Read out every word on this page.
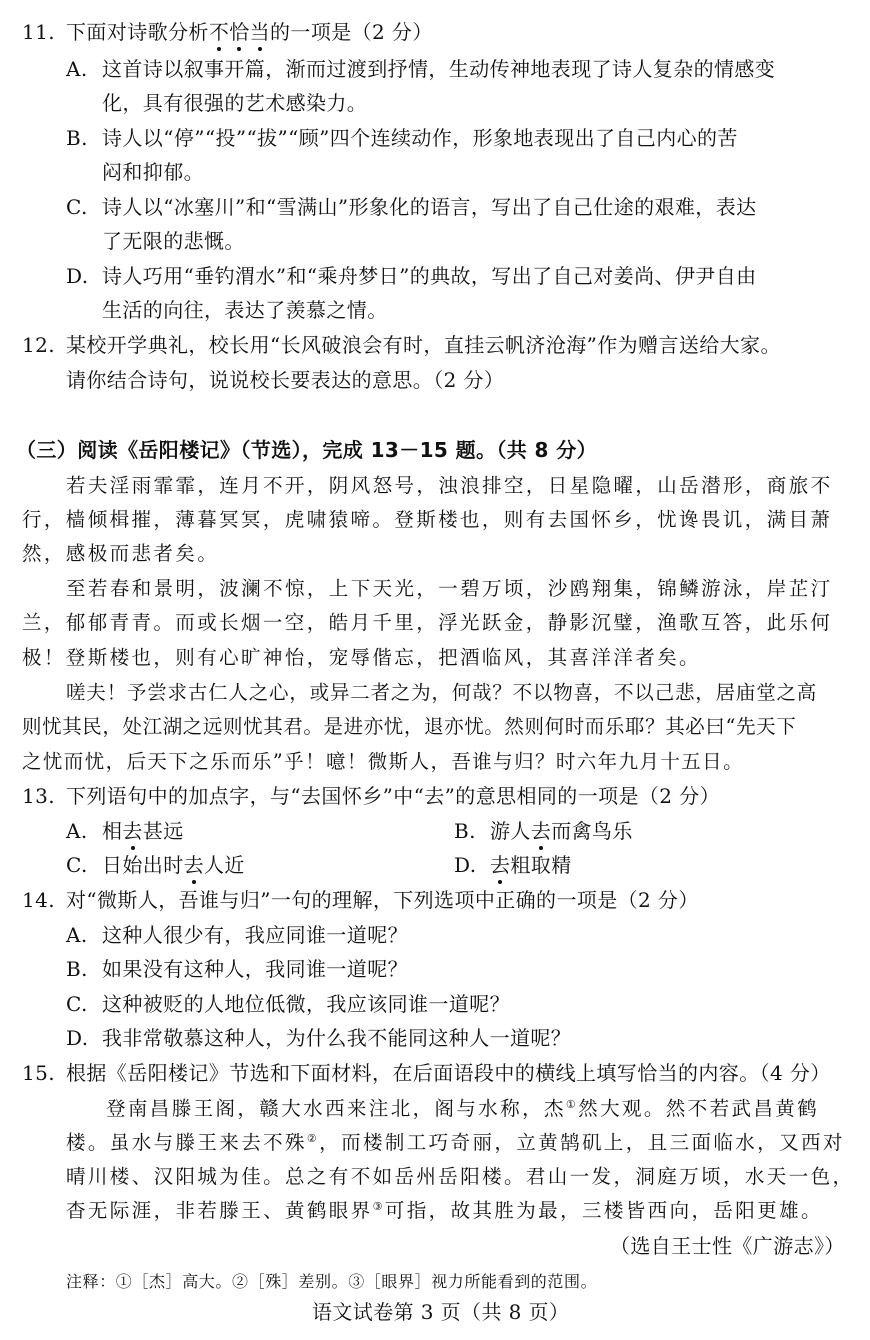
11. 下面对诗歌分析不恰当的一项是（2 分）
A. 这首诗以叙事开篇，渐而过渡到抒情，生动传神地表现了诗人复杂的情感变
化，具有很强的艺术感染力。
B. 诗人以“停”“投”“拔”“顾”四个连续动作，形象地表现出了自己内心的苦
闷和抑郁。
C. 诗人以“冰塞川”和“雪满山”形象化的语言，写出了自己仕途的艰难，表达
了无限的悲慨。
D. 诗人巧用“垂钓渭水”和“乘舟梦日”的典故，写出了自己对姜尚、伊尹自由
生活的向往，表达了羡慕之情。
12. 某校开学典礼，校长用“长风破浪会有时，直挂云帆济沧海”作为赠言送给大家。
请你结合诗句，说说校长要表达的意思。（2 分）
（三）阅读《岳阳楼记》（节选），完成 13－15 题。（共 8 分）
若夫淫雨霏霏，连月不开，阴风怒号，浊浪排空，日星隐曜，山岳潜形，商旅不
行，樯倾楫摧，薄暮冥冥，虎啸猿啼。登斯楼也，则有去国怀乡，忧谗畏讥，满目萧
然，感极而悲者矣。
至若春和景明，波澜不惊，上下天光，一碧万顷，沙鸥翔集，锦鳞游泳，岸芷汀
兰，郁郁青青。而或长烟一空，皓月千里，浮光跃金，静影沉璧，渔歌互答，此乐何
极！登斯楼也，则有心旷神怡，宠辱偕忘，把酒临风，其喜洋洋者矣。
嗟夫！予尝求古仁人之心，或异二者之为，何哉？不以物喜，不以己悲，居庙堂之高
则忧其民，处江湖之远则忧其君。是进亦忧，退亦忧。然则何时而乐耶？其必曰“先天下
之忧而忧，后天下之乐而乐”乎！噫！微斯人，吾谁与归？时六年九月十五日。
13. 下列语句中的加点字，与“去国怀乡”中“去”的意思相同的一项是（2 分）
A. 相去甚远	B. 游人去而禽鸟乐
C. 日始出时去人近	D. 去粗取精
14. 对“微斯人，吾谁与归”一句的理解，下列选项中正确的一项是（2 分）
A. 这种人很少有，我应同谁一道呢？
B. 如果没有这种人，我同谁一道呢？
C. 这种被贬的人地位低微，我应该同谁一道呢？
D. 我非常敬慕这种人，为什么我不能同这种人一道呢？
15. 根据《岳阳楼记》节选和下面材料，在后面语段中的横线上填写恰当的内容。（4 分）
登南昌滕王阁，赣大水西来注北，阁与水称，杰①然大观。然不若武昌黄鹤
楼。虽水与滕王来去不殊②，而楼制工巧奇丽，立黄鹄矶上，且三面临水，又西对
晴川楼、汉阳城为佳。总之有不如岳州岳阳楼。君山一发，洞庭万顷，水天一色，
杳无际涯，非若滕王、黄鹤眼界③可指，故其胜为最，三楼皆西向，岳阳更雄。
（选自王士性《广游志》）
注释：①［杰］高大。②［殊］差别。③［眼界］视力所能看到的范围。
语文试卷第 3 页（共 8 页）
